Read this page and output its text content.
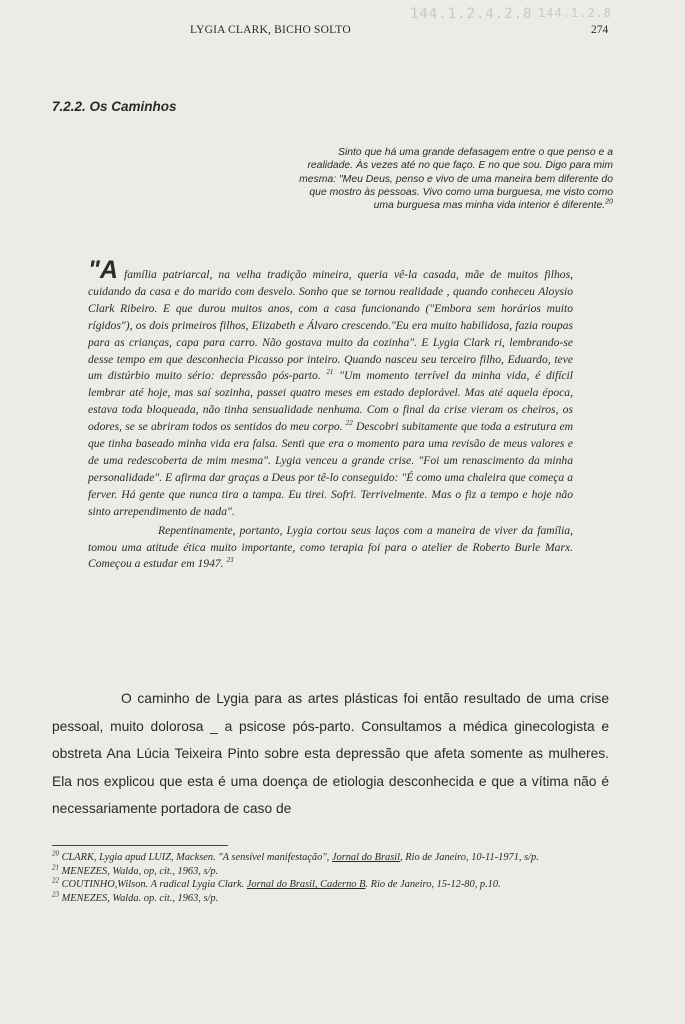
144.1.2.4.2.8 144.1.2.8
LYGIA CLARK, BICHO SOLTO	274
7.2.2. Os Caminhos
Sinto que há uma grande defasagem entre o que penso e a realidade. Às vezes até no que faço. E no que sou. Digo para mim mesma: "Meu Deus, penso e vivo de uma maneira bem diferente do que mostro às pessoas. Vivo como uma burguesa, me visto como uma burguesa mas minha vida interior é diferente.$^{20}$
"A família patriarcal, na velha tradição mineira, queria vê-la casada, mãe de muitos filhos, cuidando da casa e do marido com desvelo. Sonho que se tornou realidade , quando conheceu Aloysio Clark Ribeiro. E que durou muitos anos, com a casa funcionando ("Embora sem horários muito rígidos"), os dois primeiros filhos, Elizabeth e Álvaro crescendo."Eu era muito habilidosa, fazia roupas para as crianças, capa para carro. Não gostava muito da cozinha". E Lygia Clark ri, lembrando-se desse tempo em que desconhecia Picasso por inteiro. Quando nasceu seu terceiro filho, Eduardo, teve um distúrbio muito sério: depressão pós-parto. $^{21}$ "Um momento terrível da minha vida, é difícil lembrar até hoje, mas saí sozinha, passei quatro meses em estado deplorável. Mas até aquela época, estava toda bloqueada, não tinha sensualidade nenhuma. Com o final da crise vieram os cheiros, os odores, se se abriram todos os sentidos do meu corpo. $^{22}$ Descobri subitamente que toda a estrutura em que tinha baseado minha vida era falsa. Senti que era o momento para uma revisão de meus valores e de uma redescoberta de mim mesma". Lygia venceu a grande crise. "Foi um renascimento da minha personalidade". E afirma dar graças a Deus por tê-lo conseguido: "É como uma chaleira que começa a ferver. Há gente que nunca tira a tampa. Eu tirei. Sofri. Terrivelmente. Mas o fiz a tempo e hoje não sinto arrependimento de nada".
Repentinamente, portanto, Lygia cortou seus laços com a maneira de viver da família, tomou uma atitude ética muito importante, como terapia foi para o atelier de Roberto Burle Marx. Começou a estudar em 1947. $^{23}$
O caminho de Lygia para as artes plásticas foi então resultado de uma crise pessoal, muito dolorosa _ a psicose pós-parto. Consultamos a médica ginecologista e obstreta Ana Lúcia Teixeira Pinto sobre esta depressão que afeta somente as mulheres. Ela nos explicou que esta é uma doença de etiologia desconhecida e que a vítima não é necessariamente portadora de caso de
$^{20}$ CLARK, Lygia apud LUIZ, Macksen. "A sensível manifestação", Jornal do Brasil, Rio de Janeiro, 10-11-1971, s/p.
$^{21}$ MENEZES, Walda, op, cit., 1963, s/p.
$^{22}$ COUTINHO,Wilson. A radical Lygia Clark. Jornal do Brasil, Caderno B. Rio de Janeiro, 15-12-80, p.10.
$^{23}$ MENEZES, Walda. op. cit., 1963, s/p.
